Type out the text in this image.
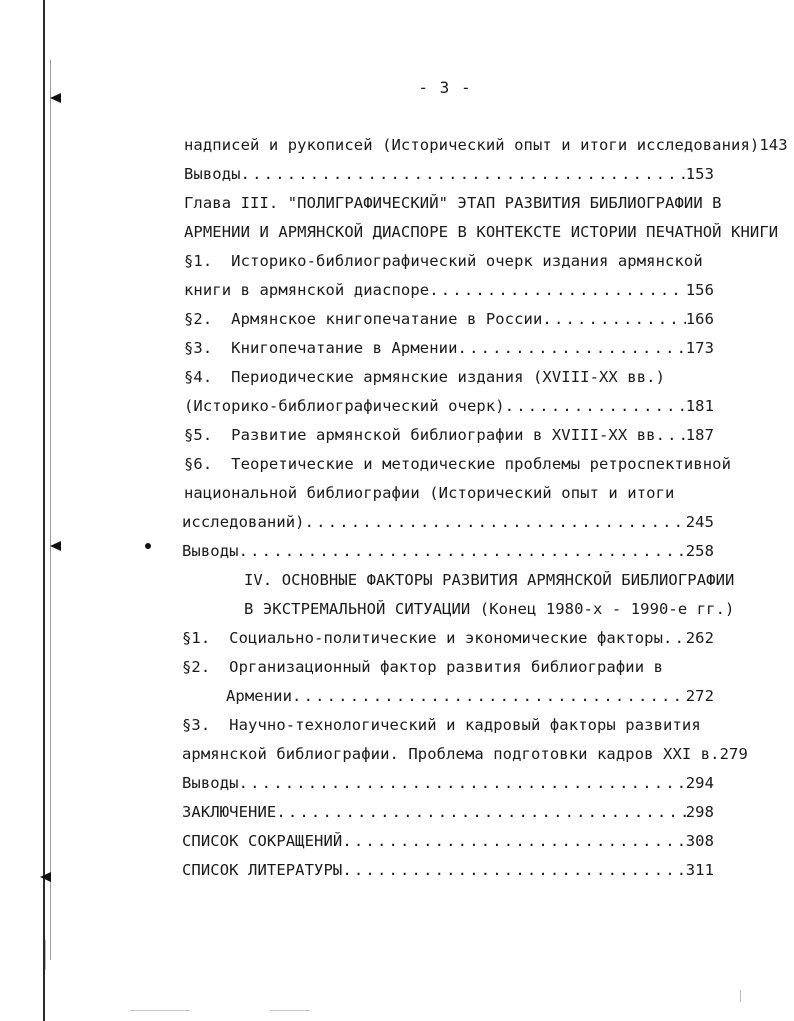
- 3 -
надписей и рукописей (Исторический опыт и итоги исследования)143
Выводы .....	153
Глава III. "ПОЛИГРАФИЧЕСКИЙ" ЭТАП РАЗВИТИЯ БИБЛИОГРАФИИ В
АРМЕНИИ И АРМЯНСКОЙ ДИАСПОРЕ В КОНТЕКСТЕ ИСТОРИИ ПЕЧАТНОЙ КНИГИ
§1.  Историко-библиографический очерк издания армянской
книги в армянской диаспоре .....	156
§2.  Армянское книгопечатание в России .....	166
§3.  Книгопечатание в Армении .....	173
§4.  Периодические армянские издания (XVIII-XX вв.)
(Историко-библиографический очерк) .....	181
§5.  Развитие армянской библиографии в XVIII-XX вв ..... 187
§6.  Теоретические и методические проблемы ретроспективной
национальной библиографии (Исторический опыт и итоги
исследований) .....	245
Выводы .....	258
IV. ОСНОВНЫЕ ФАКТОРЫ РАЗВИТИЯ АРМЯНСКОЙ БИБЛИОГРАФИИ
В ЭКСТРЕМАЛЬНОЙ СИТУАЦИИ (Конец 1980-х - 1990-е гг.)
§1.  Социально-политические и экономические факторы ..... 262
§2.  Организационный фактор развития библиографии в
Армении .....	272
§3.  Научно-технологический и кадровый факторы развития
армянской библиографии. Проблема подготовки кадров XXI в.279
Выводы .....	294
ЗАКЛЮЧЕНИЕ .....	298
СПИСОК СОКРАЩЕНИЙ .....	308
СПИСОК ЛИТЕРАТУРЫ .....	311
